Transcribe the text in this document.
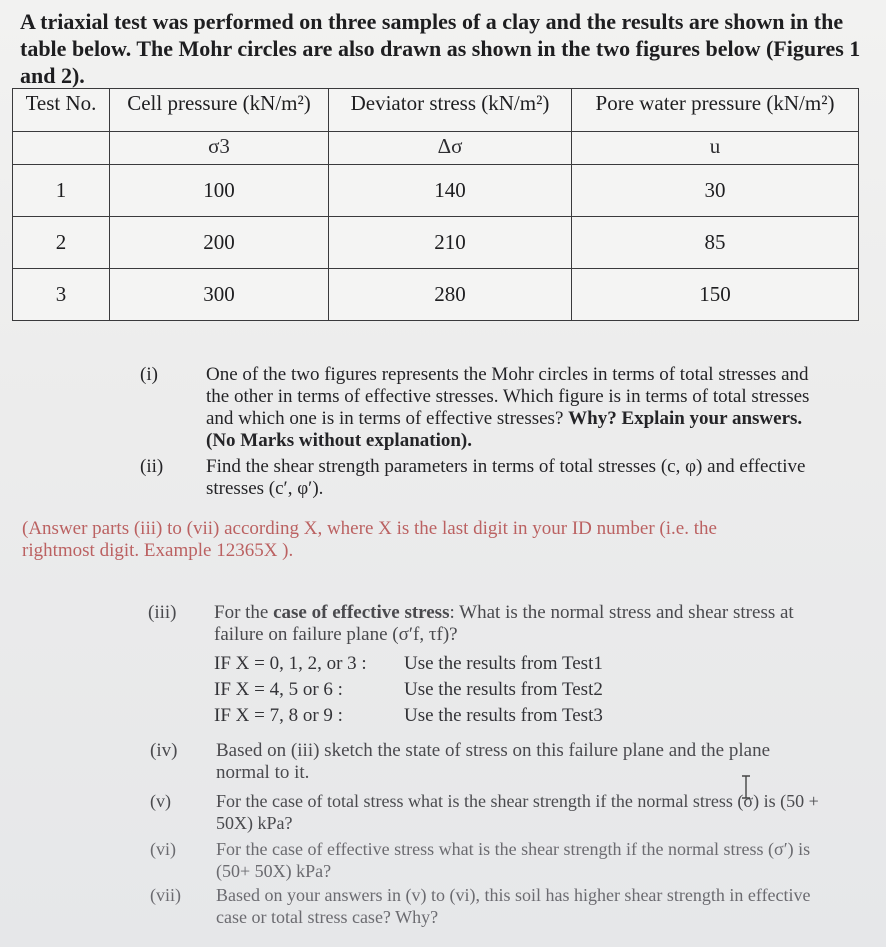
A triaxial test was performed on three samples of a clay and the results are shown in the table below. The Mohr circles are also drawn as shown in the two figures below (Figures 1 and 2).

Test No.	Cell pressure (kN/m²)	Deviator stress (kN/m²)	Pore water pressure (kN/m²)
	σ3	Δσ	u
1	100	140	30
2	200	210	85
3	300	280	150
(i)	One of the two figures represents the Mohr circles in terms of total stresses and the other in terms of effective stresses. Which figure is in terms of total stresses and which one is in terms of effective stresses? Why? Explain your answers. (No Marks without explanation).
(ii) Find the shear strength parameters in terms of total stresses (c, φ) and effective stresses (c′, φ′).
(Answer parts (iii) to (vii) according X, where X is the last digit in your ID number (i.e. the rightmost digit. Example 12365X ).
(iii) For the case of effective stress: What is the normal stress and shear stress at failure on failure plane (σ′f, τf)?
IF X = 0, 1, 2, or 3 : Use the results from Test1
IF X = 4, 5 or 6 :	Use the results from Test2
IF X = 7, 8 or 9 :	Use the results from Test3
(iv) Based on (iii) sketch the state of stress on this failure plane and the plane normal to it.
(v)	For the case of total stress what is the shear strength if the normal stress (σ) is (50 + 50X) kPa?
(vi) For the case of effective stress what is the shear strength if the normal stress (σ′) is (50+ 50X) kPa?
(vii) Based on your answers in (v) to (vi), this soil has higher shear strength in effective case or total stress case? Why?
